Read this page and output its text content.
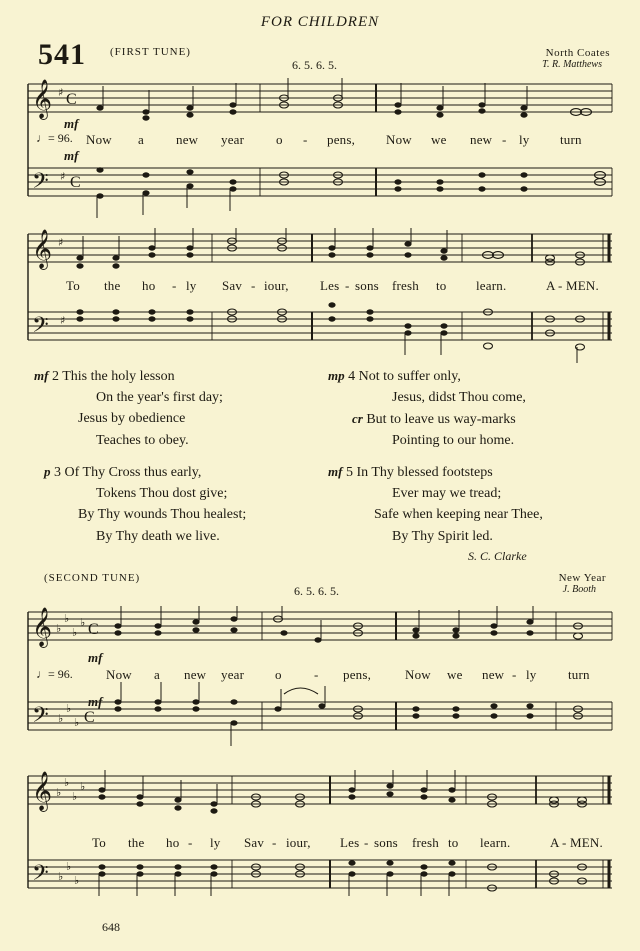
FOR CHILDREN
541 (FIRST TUNE)
6. 5. 6. 5.
North Coates
T. R. Matthews
𝄞
𝄢
♯
♯
C
C
mf
♩= 96.
mf
Now a new year o - pens, Now we new - ly turn
𝄞
𝄢
♯
♯
To the ho - ly Sav - iour, Les - sons fresh to learn.	A - MEN.
mf 2 This the holy lesson
On the year's first day;
Jesus by obedience
Teaches to obey.
p 3 Of Thy Cross thus early,
Tokens Thou dost give;
By Thy wounds Thou healest;
By Thy death we live.
mp 4 Not to suffer only,
Jesus, didst Thou come,
cr But to leave us way-marks
Pointing to our home.
mf 5 In Thy blessed footsteps
Ever may we tread;
Safe when keeping near Thee,
By Thy Spirit led.
S. C. Clarke
(SECOND TUNE)
6. 5. 6. 5.
New Year
J. Booth
𝄞
𝄢
♭
♭
♭
♭
♭
♭
♭
C
C
mf
♩= 96.
mf
Now a new year o - pens,	Now we new - ly turn
𝄞
𝄢
♭
♭
♭
♭
♭
♭
♭
To the ho - ly Sav - iour, Les - sons fresh to learn.	A - MEN.
648
